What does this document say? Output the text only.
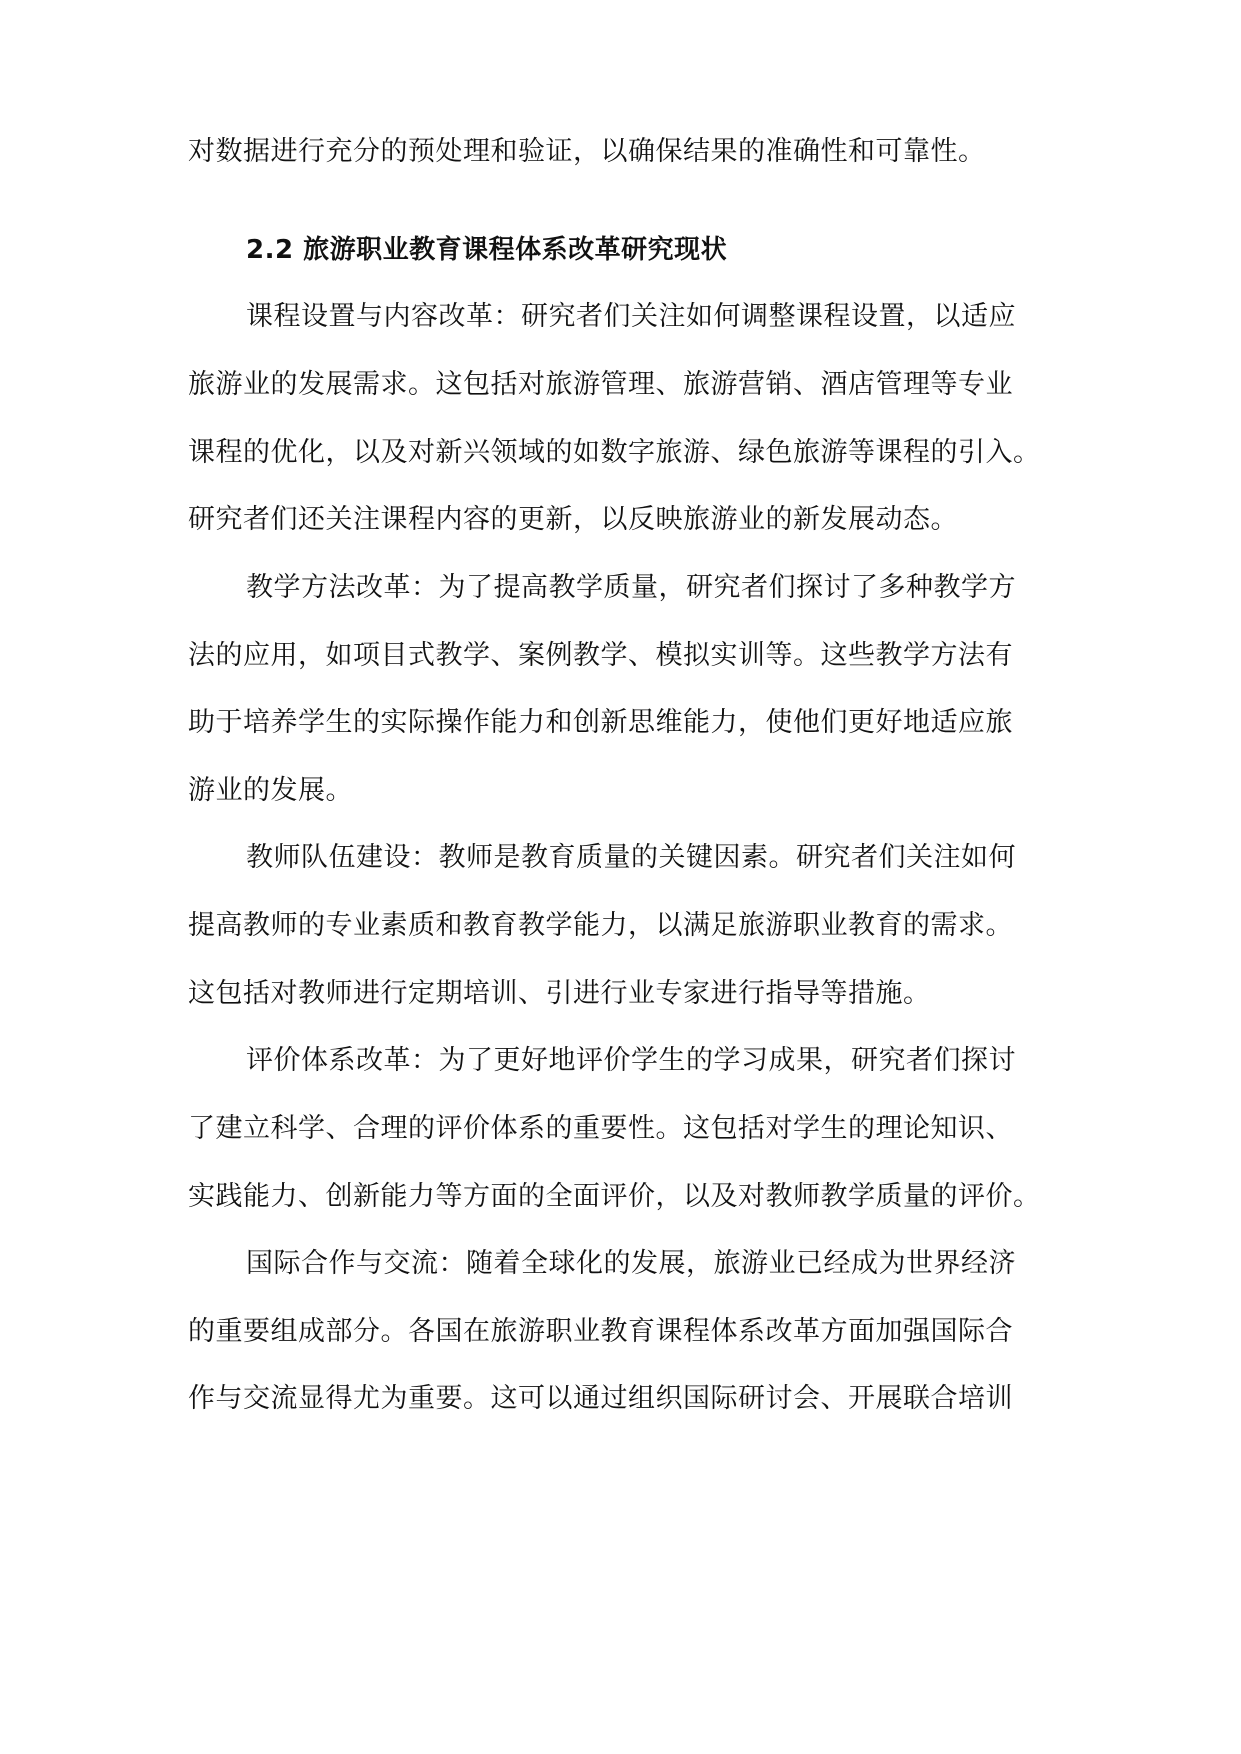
对数据进行充分的预处理和验证，以确保结果的准确性和可靠性。
2.2 旅游职业教育课程体系改革研究现状
课程设置与内容改革：研究者们关注如何调整课程设置，以适应
旅游业的发展需求。这包括对旅游管理、旅游营销、酒店管理等专业
课程的优化，以及对新兴领域的如数字旅游、绿色旅游等课程的引入。
研究者们还关注课程内容的更新，以反映旅游业的新发展动态。
教学方法改革：为了提高教学质量，研究者们探讨了多种教学方
法的应用，如项目式教学、案例教学、模拟实训等。这些教学方法有
助于培养学生的实际操作能力和创新思维能力，使他们更好地适应旅
游业的发展。
教师队伍建设：教师是教育质量的关键因素。研究者们关注如何
提高教师的专业素质和教育教学能力，以满足旅游职业教育的需求。
这包括对教师进行定期培训、引进行业专家进行指导等措施。
评价体系改革：为了更好地评价学生的学习成果，研究者们探讨
了建立科学、合理的评价体系的重要性。这包括对学生的理论知识、
实践能力、创新能力等方面的全面评价，以及对教师教学质量的评价。
国际合作与交流：随着全球化的发展，旅游业已经成为世界经济
的重要组成部分。各国在旅游职业教育课程体系改革方面加强国际合
作与交流显得尤为重要。这可以通过组织国际研讨会、开展联合培训
